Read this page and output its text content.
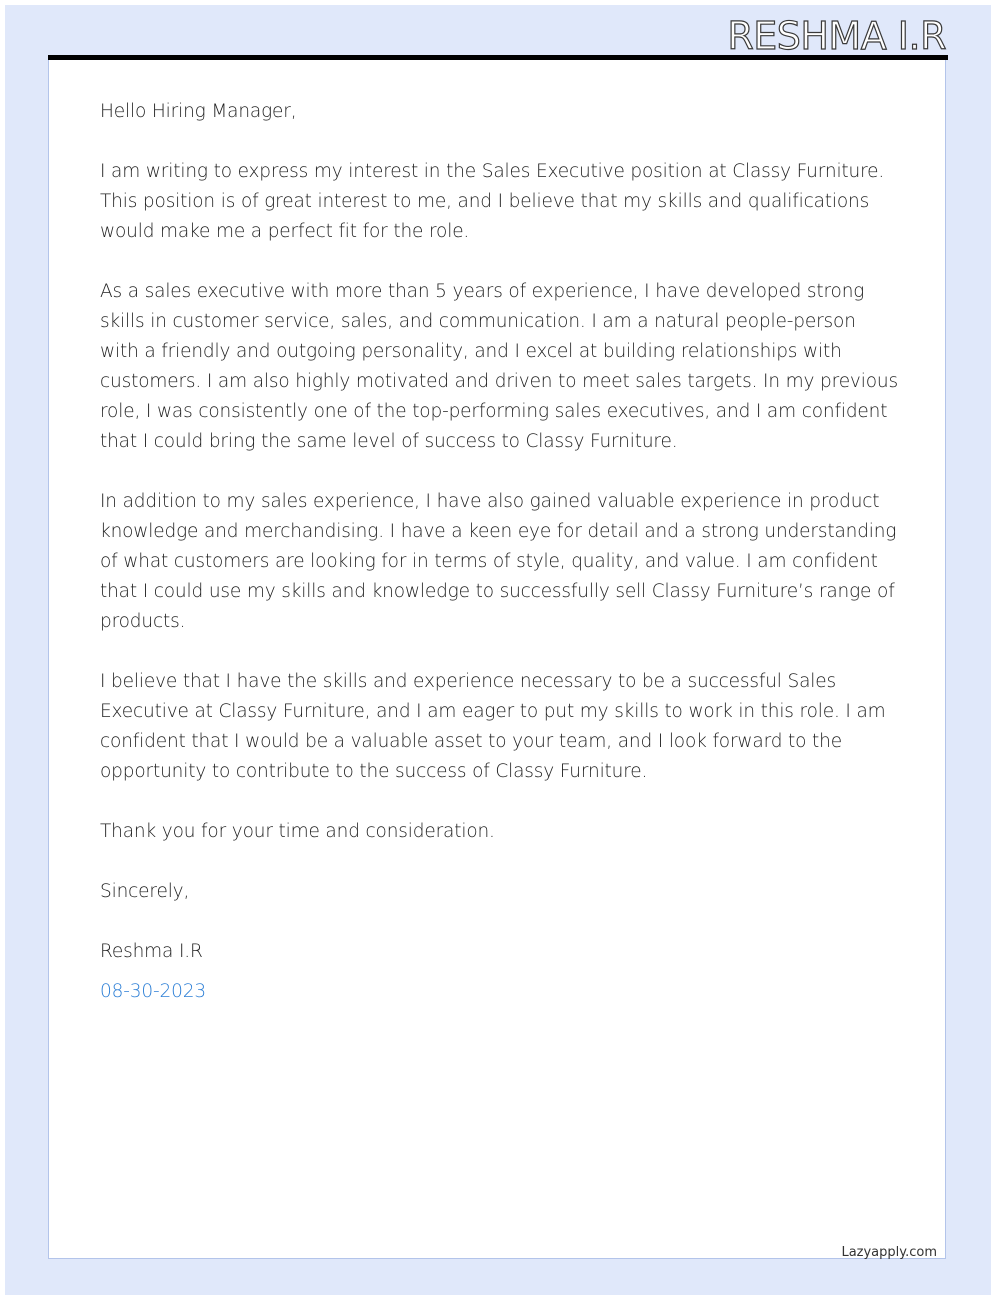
RESHMA I.R

Hello Hiring Manager,

I am writing to express my interest in the Sales Executive position at Classy Furniture. This position is of great interest to me, and I believe that my skills and qualifications would make me a perfect fit for the role.

As a sales executive with more than 5 years of experience, I have developed strong skills in customer service, sales, and communication. I am a natural people-person with a friendly and outgoing personality, and I excel at building relationships with customers. I am also highly motivated and driven to meet sales targets. In my previous role, I was consistently one of the top-performing sales executives, and I am confident that I could bring the same level of success to Classy Furniture.

In addition to my sales experience, I have also gained valuable experience in product knowledge and merchandising. I have a keen eye for detail and a strong understanding of what customers are looking for in terms of style, quality, and value. I am confident that I could use my skills and knowledge to successfully sell Classy Furniture’s range of products.

I believe that I have the skills and experience necessary to be a successful Sales Executive at Classy Furniture, and I am eager to put my skills to work in this role. I am confident that I would be a valuable asset to your team, and I look forward to the opportunity to contribute to the success of Classy Furniture.

Thank you for your time and consideration.

Sincerely,

Reshma I.R

08-30-2023

Lazyapply.com
